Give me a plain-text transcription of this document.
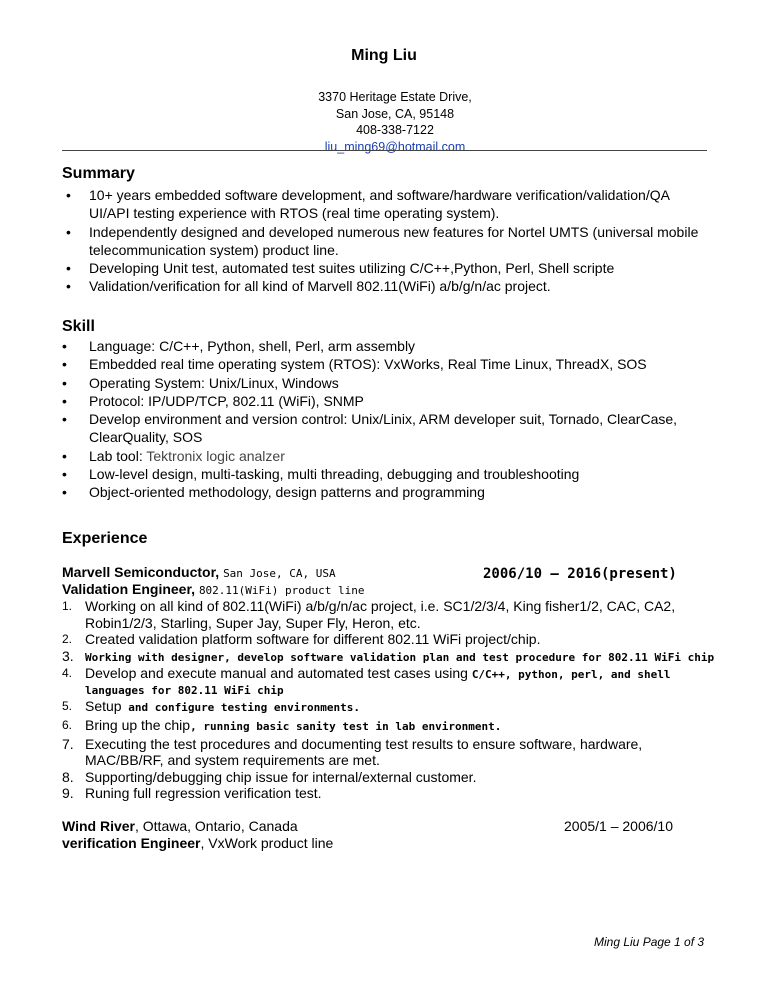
Ming Liu
3370 Heritage Estate Drive,
San Jose, CA, 95148
408-338-7122
liu_ming69@hotmail.com
Summary
• 10+ years embedded software development, and software/hardware verification/validation/QA UI/API testing experience with RTOS (real time operating system).
• Independently designed and developed numerous new features for Nortel UMTS (universal mobile telecommunication system) product line.
• Developing Unit test, automated test suites utilizing C/C++,Python, Perl, Shell scripte
• Validation/verification for all kind of Marvell 802.11(WiFi) a/b/g/n/ac project.
Skill
• Language: C/C++, Python, shell, Perl, arm assembly
• Embedded real time operating system (RTOS): VxWorks, Real Time Linux, ThreadX, SOS
• Operating System: Unix/Linux, Windows
• Protocol: IP/UDP/TCP, 802.11 (WiFi), SNMP
• Develop environment and version control: Unix/Linix, ARM developer suit, Tornado, ClearCase, ClearQuality, SOS
• Lab tool: Tektronix logic analzer
• Low-level design, multi-tasking, multi threading, debugging and troubleshooting
• Object-oriented methodology, design patterns and programming
Experience
Marvell Semiconductor, San Jose, CA, USA	2006/10 – 2016(present)
Validation Engineer, 802.11(WiFi) product line
1. Working on all kind of 802.11(WiFi) a/b/g/n/ac project, i.e. SC1/2/3/4, King fisher1/2, CAC, CA2, Robin1/2/3, Starling, Super Jay, Super Fly, Heron, etc.
2. Created validation platform software for different 802.11 WiFi project/chip.
3. Working with designer, develop software validation plan and test procedure for 802.11 WiFi chip
4. Develop and execute manual and automated test cases using C/C++, python, perl, and shell languages for 802.11 WiFi chip
5. Setup and configure testing environments.
6. Bring up the chip, running basic sanity test in lab environment.
7. Executing the test procedures and documenting test results to ensure software, hardware, MAC/BB/RF, and system requirements are met.
8. Supporting/debugging chip issue for internal/external customer.
9. Runing full regression verification test.
Wind River, Ottawa, Ontario, Canada	2005/1 – 2006/10
verification Engineer, VxWork product line
Ming Liu Page 1 of 3
